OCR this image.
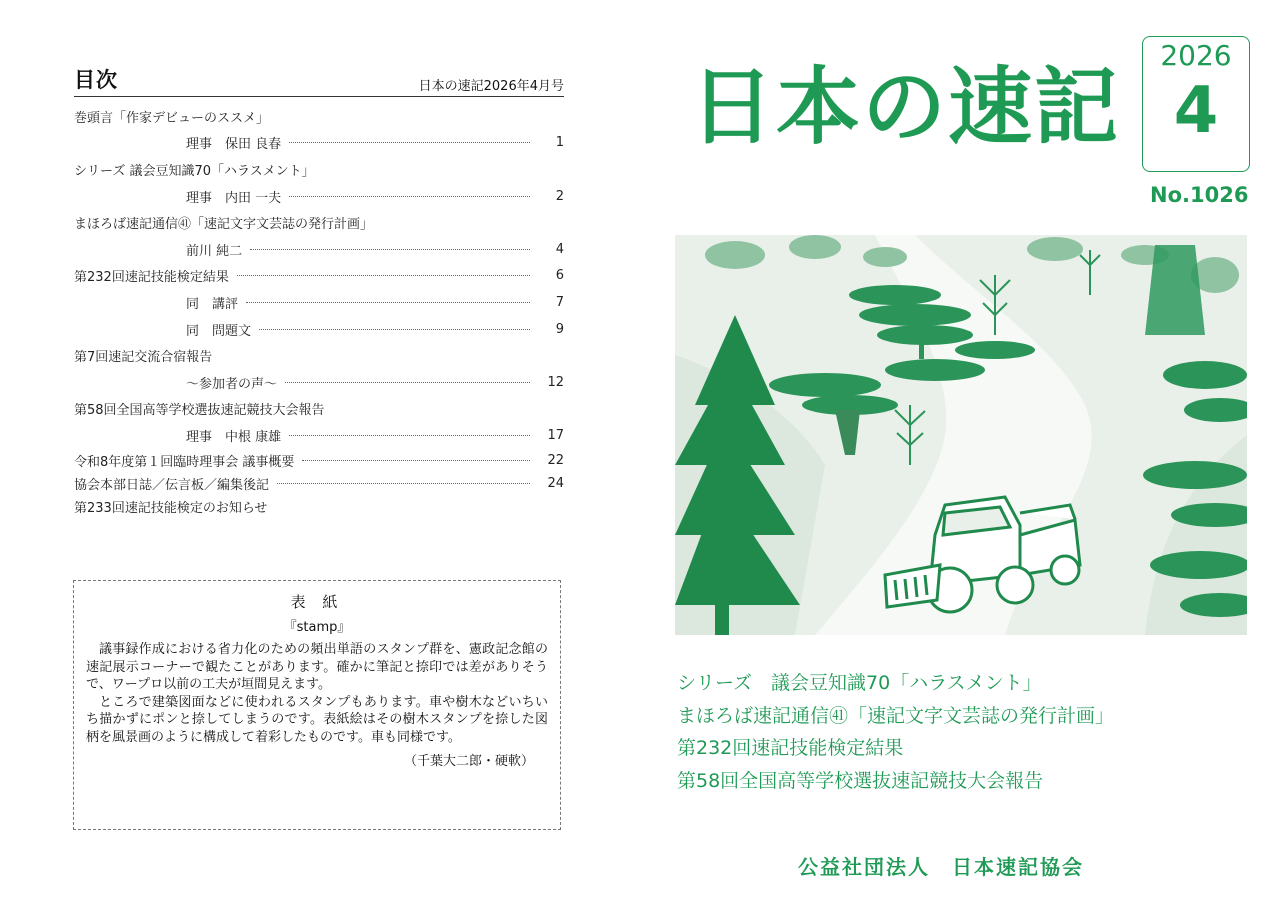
目次	日本の速記2026年4月号
巻頭言「作家デビューのススメ」
理事　保田 良春	1
シリーズ 議会豆知識70「ハラスメント」
理事　内田 一夫	2
まほろば速記通信㊶「速記文字文芸誌の発行計画」
前川 純二	4
第232回速記技能検定結果	6
同　講評	7
同　問題文	9
第7回速記交流合宿報告
〜参加者の声〜	12
第58回全国高等学校選抜速記競技大会報告
理事　中根 康雄	17
令和8年度第１回臨時理事会 議事概要	22
協会本部日誌／伝言板／編集後記	24
第233回速記技能検定のお知らせ
表 紙
『stamp』

議事録作成における省力化のための頻出単語のスタンプ群を、憲政記念館の速記展示コーナーで観たことがあります。確かに筆記と捺印では差がありそうで、ワープロ以前の工夫が垣間見えます。

ところで建築図面などに使われるスタンプもあります。車や樹木などいちいち描かずにポンと捺してしまうのです。表紙絵はその樹木スタンプを捺した図柄を風景画のように構成して着彩したものです。車も同様です。

（千葉大二郎・硬軟）
日本の速記
2026
4
No.1026
シリーズ　議会豆知識70「ハラスメント」
まほろば速記通信㊶「速記文字文芸誌の発行計画」
第232回速記技能検定結果
第58回全国高等学校選抜速記競技大会報告
公益社団法人　日本速記協会
